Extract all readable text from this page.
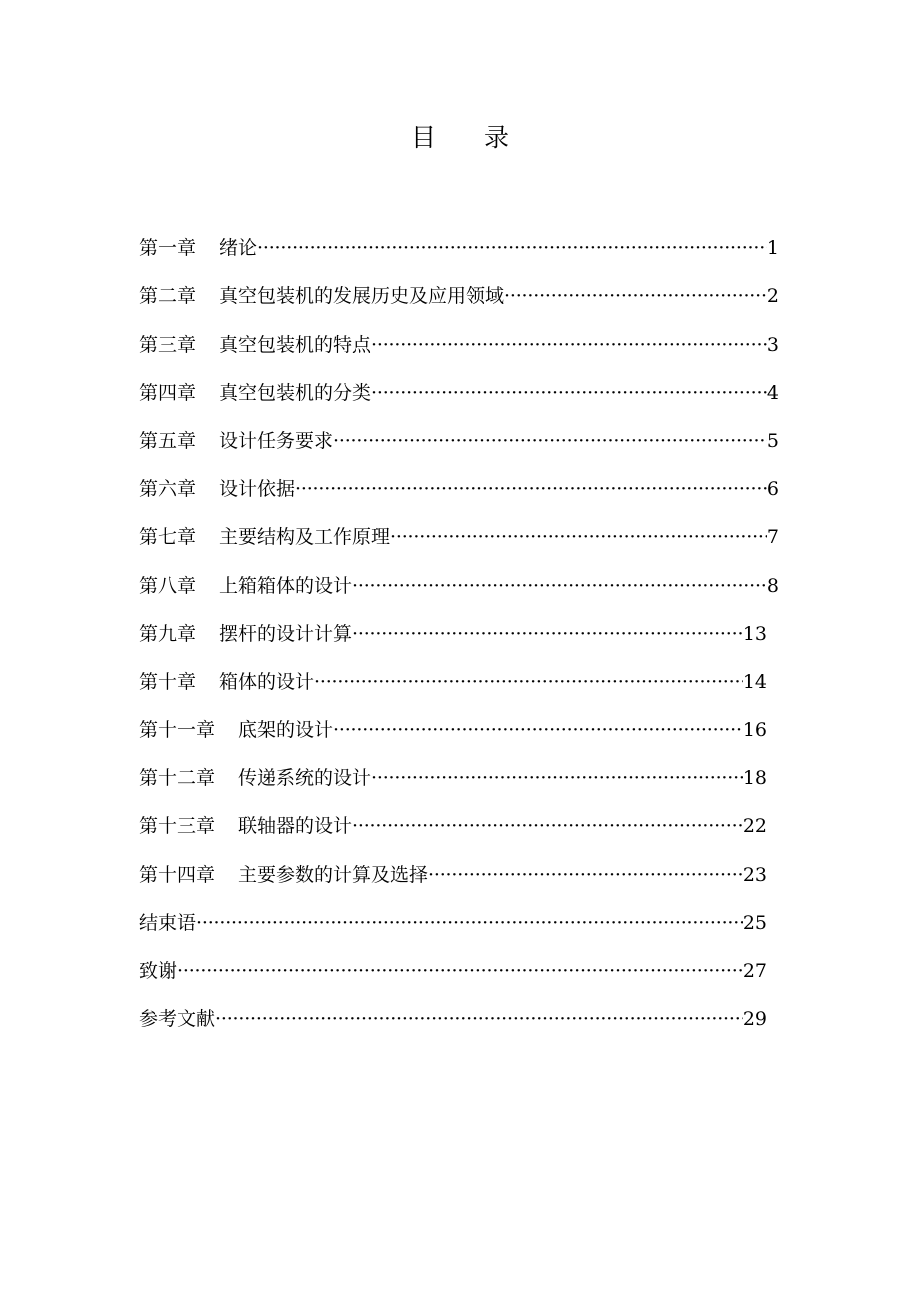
目 录
第一章 绪论 ·····	1
第二章 真空包装机的发展历史及应用领域 ·····	2
第三章 真空包装机的特点 ·····	3
第四章 真空包装机的分类 ·····	4
第五章 设计任务要求 ·····	5
第六章 设计依据 ·····	6
第七章 主要结构及工作原理 ·····	7
第八章 上箱箱体的设计 ·····	8
第九章 摆杆的设计计算 ·····	13
第十章 箱体的设计 ·····	14
第十一章 底架的设计 ·····	16
第十二章 传递系统的设计 ·····	18
第十三章 联轴器的设计 ·····	22
第十四章 主要参数的计算及选择 ·····	23
结束语 ·····	25
致谢 ·····	27
参考文献 ·····	29
